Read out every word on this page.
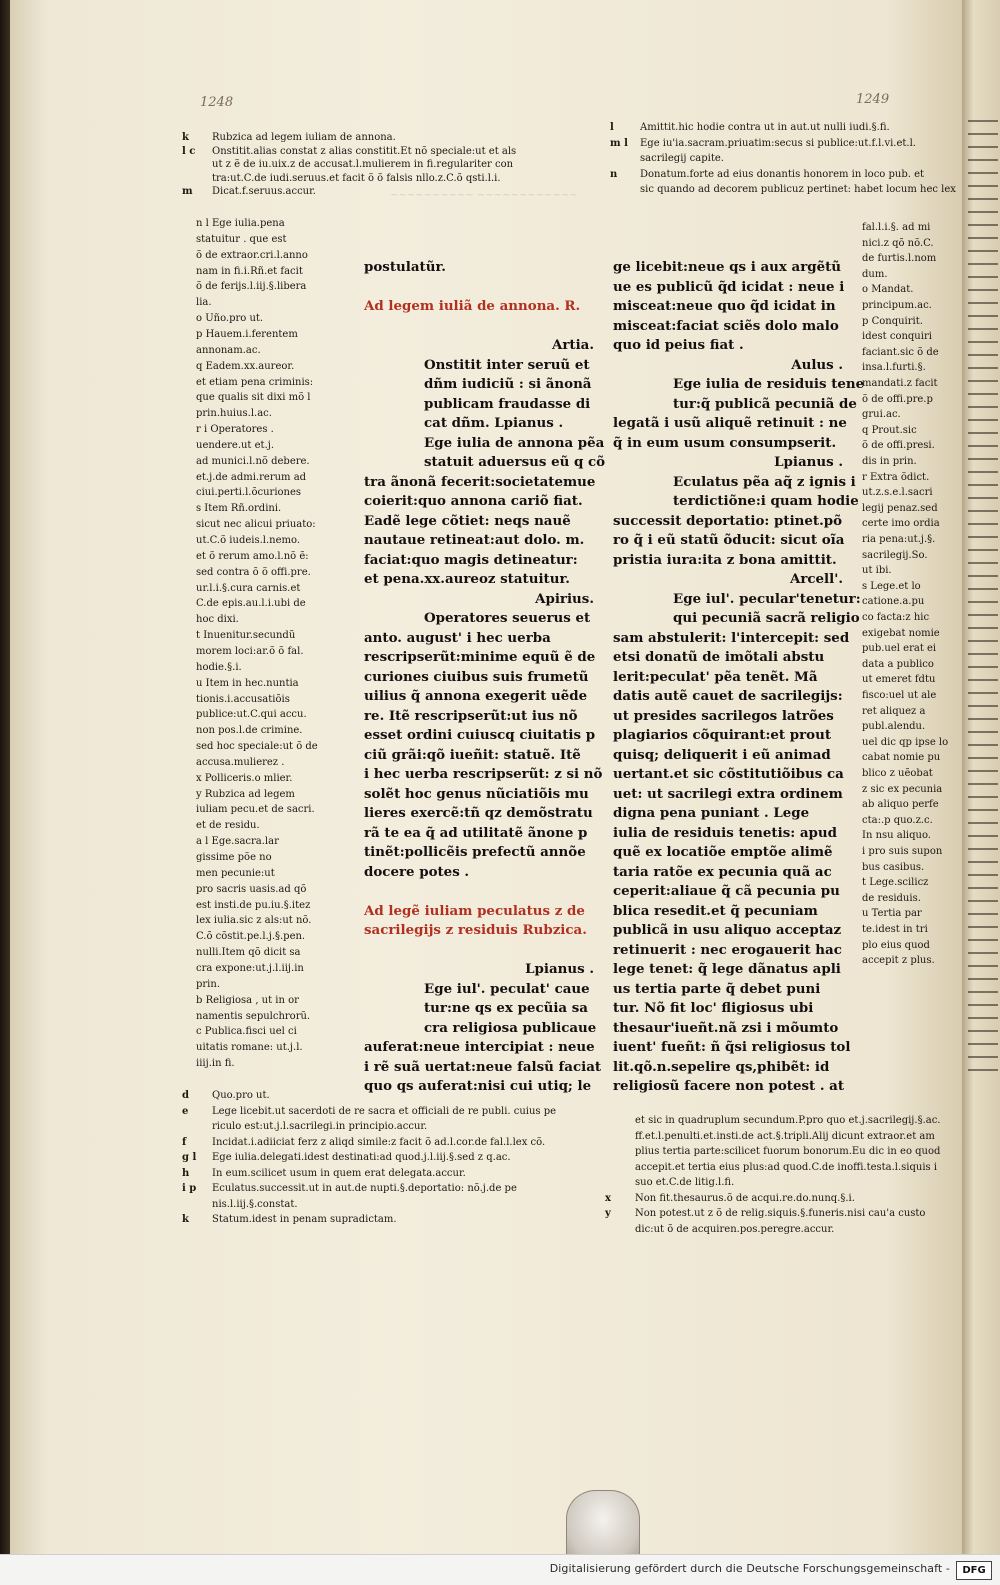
1248	1249
~~~~~~~~~~ ~~~~~~~~~~~~
k Rubzica ad legem iuliam de annona.
l c Onstitit.alias constat z alias constitit.Et nõ speciale:ut et als
ut z ẽ de iu.uix.z de accusat.l.mulierem in fi.regulariter con
tra:ut.C.de iudi.seruus.et facit õ õ falsis nllo.z.C.õ qsti.l.i.
m Dicat.f.seruus.accur.
l	Amittit.hic hodie contra ut in aut.ut nulli iudi.§.fi.
m l Ege iu'ia.sacram.priuatim:secus si publice:ut.f.l.vi.et.l.
sacrilegij capite.
n Donatum.forte ad eius donantis honorem in loco pub. et
sic quando ad decorem publicuz pertinet: habet locum hec lex
n l Ege iulia.pena
statuitur . que est
õ de extraor.cri.l.anno
nam in fi.i.Rñ.et facit
õ de ferijs.l.iij.§.libera
lia.
o Uño.pro ut.
p Hauem.i.ferentem
annonam.ac.
q Eadem.xx.aureor.
et etiam pena criminis:
que qualis sit dixi mõ l
prin.huius.l.ac.
r i Operatores .
uendere.ut et.j.
ad munici.l.nõ debere.
et.j.de admi.rerum ad
ciui.perti.l.õcuriones
s Item Rñ.ordini.
sicut nec alicui priuato:
ut.C.õ iudeis.l.nemo.
et õ rerum amo.l.nõ ẽ:
sed contra õ õ offi.pre.
ur.l.i.§.cura carnis.et
C.de epis.au.l.i.ubi de
hoc dixi.
t Inuenitur.secundũ
morem loci:ar.õ õ fal.
hodie.§.i.
u Item in hec.nuntia
tionis.i.accusatiõis
publice:ut.C.qui accu.
non pos.l.de crimine.
sed hoc speciale:ut õ de
accusa.mulierez .
x Polliceris.o mlier.
y Rubzica ad legem
iuliam pecu.et de sacri.
et de residu.
a l Ege.sacra.lar
gissime põe no
men pecunie:ut
pro sacris uasis.ad qõ
est insti.de pu.iu.§.itez
lex iulia.sic z als:ut nõ.
C.õ cõstit.pe.l.j.§.pen.
nulli.Item qõ dicit sa
cra expone:ut.j.l.iij.in
prin.
b Religiosa , ut in or
namentis sepulchrorũ.
c Publica.fisci uel ci
uitatis romane: ut.j.l.
iiij.in fi.
fal.l.i.§. ad mi
nici.z qõ nõ.C.
de furtis.l.nom
dum.
o Mandat.
principum.ac.
p Conquirit.
idest conquiri
faciant.sic õ de
insa.l.furti.§.
mandati.z facit
õ de offi.pre.p
grui.ac.
q Prout.sic
õ de offi.presi.
dis in prin.
r Extra õdict.
ut.z.s.e.l.sacri
legij penaz.sed
certe imo ordia
ria pena:ut.j.§.
sacrilegij.So.
ut ibi.
s Lege.et lo
catione.a.pu
co facta:z hic
exigebat nomie
pub.uel erat ei
data a publico
ut emeret fdtu
fisco:uel ut ale
ret aliquez a
publ.alendu.
uel dic qp ipse lo
cabat nomie pu
blico z uẽobat
z sic ex pecunia
ab aliquo perfe
cta:.p quo.z.c.
In nsu aliquo.
i pro suis supon
bus casibus.
t Lege.scilicz
de residuis.
u Tertia par
te.idest in tri
plo eius quod
accepit z plus.
postulatũr.
Ad legem iuliã de annona. R.
Artia.
Onstitit inter seruũ et
dñm iudiciũ : si ãnonã
publicam fraudasse di
cat dñm. Lpianus .
Ege iulia de annona pẽa
statuit aduersus eũ q cõ
tra ãnonã fecerit:societatemue
coierit:quo annona cariõ fiat.
Eadẽ lege cõtiet: neqs nauẽ
nautaue retineat:aut dolo. m.
faciat:quo magis detineatur:
et pena.xx.aureoz statuitur.
Apirius.
Operatores seuerus et
anto. august' i hec uerba
rescripserũt:minime equũ ẽ de
curiones ciuibus suis frumetũ
uilius q̃ annona exegerit uẽde
re. Itẽ rescripserũt:ut ius nõ
esset ordini cuiuscq ciuitatis p
ciũ grãi:qõ iueñit: statuẽ. Itẽ
i hec uerba rescripserũt: z si nõ
solẽt hoc genus nũciatiõis mu
lieres exercẽ:tñ qz demõstratu
rã te ea q̃ ad utilitatẽ ãnone p
tinẽt:pollicẽis prefectũ annõe
docere potes .
Ad legẽ iuliam peculatus z de
sacrilegijs z residuis Rubzica.
Lpianus .
Ege iul'. peculat' caue
tur:ne qs ex pecũia sa
cra religiosa publicaue
auferat:neue intercipiat : neue
i rẽ suã uertat:neue falsũ faciat
quo qs auferat:nisi cui utiq; le
ge licebit:neue qs i aux argẽtũ
ue es publicũ q̃d icidat : neue i
misceat:neue quo q̃d icidat in
misceat:faciat sciẽs dolo malo
quo id peius fiat .
Aulus .
Ege iulia de residuis tene
tur:q̃ publicã pecuniã de
legatã i usũ aliquẽ retinuit : ne
q̃ in eum usum consumpserit.
Lpianus .
Eculatus pẽa aq̃ z ignis i
terdictiõne:i quam hodie
successit deportatio: ptinet.põ
ro q̃ i eũ statũ õducit: sicut oĩa
pristia iura:ita z bona amittit.
Arcell'.
Ege iul'. pecular'tenetur:
qui pecuniã sacrã religio
sam abstulerit: l'intercepit: sed
etsi donatũ de imõtali abstu
lerit:peculat' pẽa tenẽt. Mã
datis autẽ cauet de sacrilegijs:
ut presides sacrilegos latrões
plagiarios cõquirant:et prout
quisq; deliquerit i eũ animad
uertant.et sic cõstitutiõibus ca
uet: ut sacrilegi extra ordinem
digna pena puniant . Lege
iulia de residuis tenetis: apud
quẽ ex locatiõe emptõe alimẽ
taria ratõe ex pecunia quã ac
ceperit:aliaue q̃ cã pecunia pu
blica resedit.et q̃ pecuniam
publicã in usu aliquo acceptaz
retinuerit : nec erogauerit hac
lege tenet: q̃ lege dãnatus apli
us tertia parte q̃ debet puni
tur. Nõ fit loc' fligiosus ubi
thesaur'iueñt.nã zsi i mõumto
iuent' fueñt: ñ q̃si religiosus tol
lit.qõ.n.sepelire qs,phibẽt: id
religiosũ facere non potest . at
d Quo.pro ut.
e Lege licebit.ut sacerdoti de re sacra et officiali de re publi. cuius pe
riculo est:ut.j.l.sacrilegi.in principio.accur.
f	Incidat.i.adiiciat ferz z aliqd simile:z facit õ ad.l.cor.de fal.l.lex cõ.
g l Ege iulia.delegati.idest destinati:ad quod.j.l.iij.§.sed z q.ac.
h In eum.scilicet usum in quem erat delegata.accur.
i p Eculatus.successit.ut in aut.de nupti.§.deportatio: nõ.j.de pe
nis.l.iij.§.constat.
k Statum.idest in penam supradictam.
et sic in quadruplum secundum.P.pro quo et.j.sacrilegij.§.ac.
ff.et.l.penulti.et.insti.de act.§.tripli.Alij dicunt extraor.et am
plius tertia parte:scilicet fuorum bonorum.Eu dic in eo quod
accepit.et tertia eius plus:ad quod.C.de inoffi.testa.l.siquis i
suo et.C.de litig.l.fi.
x Non fit.thesaurus.õ de acqui.re.do.nunq.§.i.
y Non potest.ut z õ de relig.siquis.§.funeris.nisi cau'a custo
dic:ut õ de acquiren.pos.peregre.accur.
Digitalisierung gefördert durch die Deutsche Forschungsgemeinschaft -	DFG
